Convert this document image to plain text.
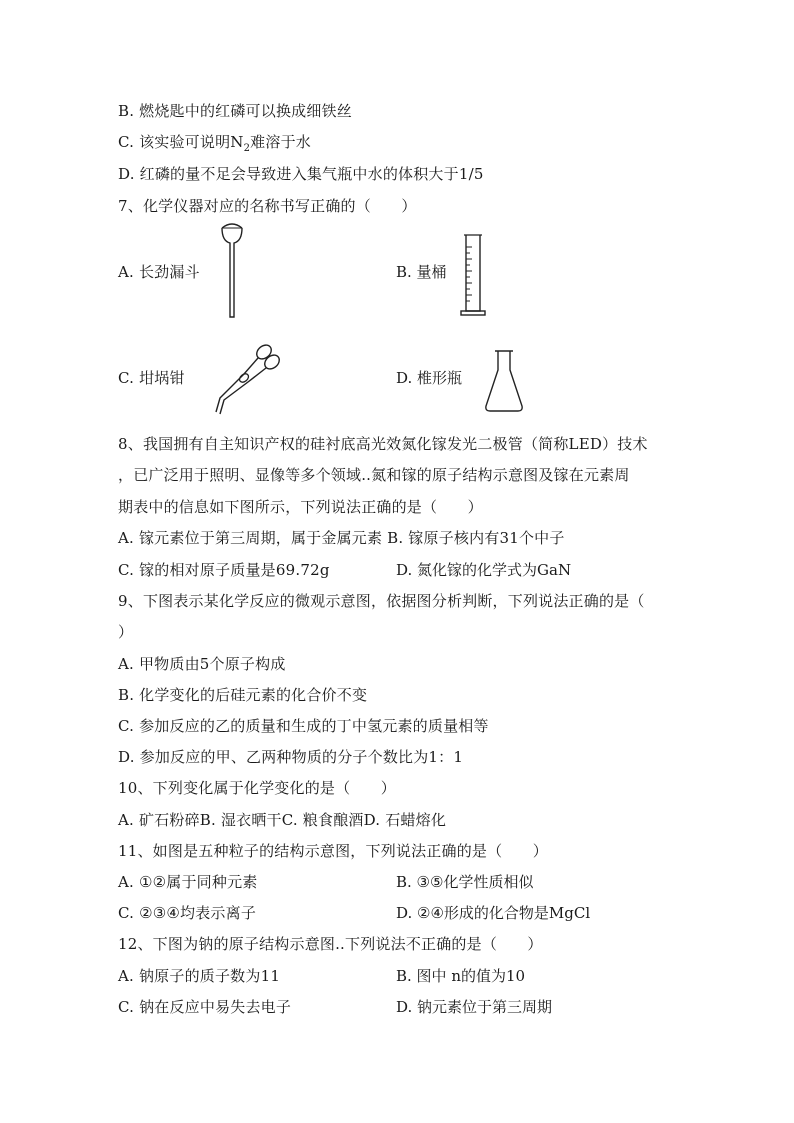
B. 燃烧匙中的红磷可以换成细铁丝
C. 该实验可说明$N_2$难溶于水
D. 红磷的量不足会导致进入集气瓶中水的体积大于1/5
7、化学仪器对应的名称书写正确的（　　）
A. 长劲漏斗	B. 量桶
C. 坩埚钳	D. 椎形瓶
8、我国拥有自主知识产权的硅衬底高光效氮化镓发光二极管（简称LED）技术
，已广泛用于照明、显像等多个领域..氮和镓的原子结构示意图及镓在元素周
期表中的信息如下图所示，下列说法正确的是（　　）
A. 镓元素位于第三周期，属于金属元素 B. 镓原子核内有31个中子
C. 镓的相对原子质量是69.72g	D. 氮化镓的化学式为GaN
9、下图表示某化学反应的微观示意图，依据图分析判断，下列说法正确的是（
）
A. 甲物质由5个原子构成
B. 化学变化的后硅元素的化合价不变
C. 参加反应的乙的质量和生成的丁中氢元素的质量相等
D. 参加反应的甲、乙两种物质的分子个数比为1：1
10、下列变化属于化学变化的是（　　）
A. 矿石粉碎B. 湿衣晒干C. 粮食酿酒D. 石蜡熔化
11、如图是五种粒子的结构示意图，下列说法正确的是（　　）
A. ①②属于同种元素	B. ③⑤化学性质相似
C. ②③④均表示离子	D. ②④形成的化合物是MgCl
12、下图为钠的原子结构示意图..下列说法不正确的是（　　）
A. 钠原子的质子数为11	B. 图中 n的值为10
C. 钠在反应中易失去电子	D. 钠元素位于第三周期
